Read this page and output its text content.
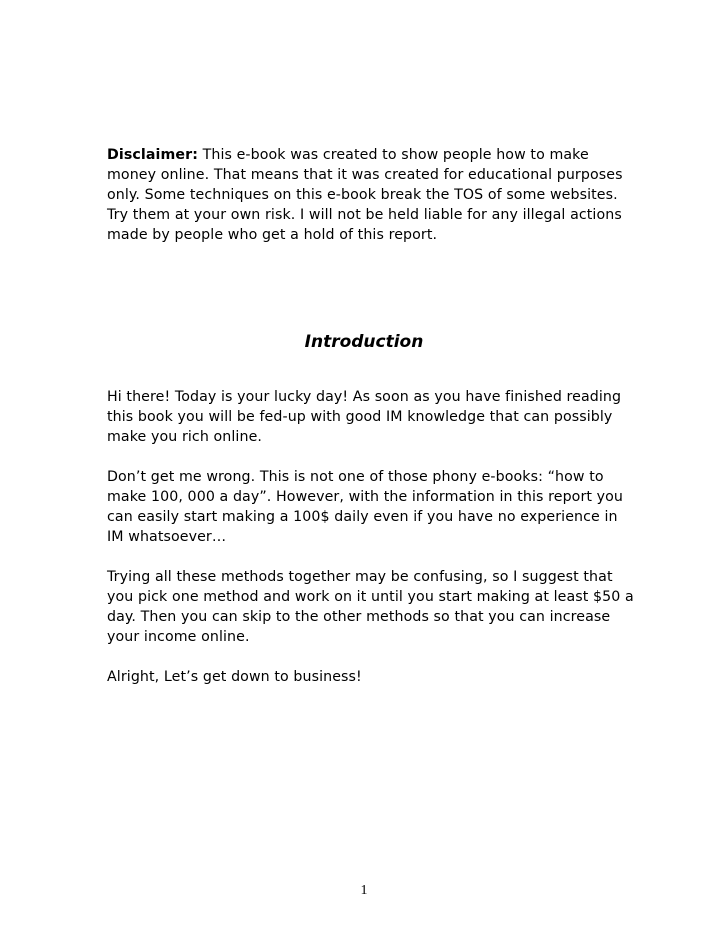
Disclaimer: This e-book was created to show people how to make money online. That means that it was created for educational purposes only. Some techniques on this e-book break the TOS of some websites. Try them at your own risk. I will not be held liable for any illegal actions made by people who get a hold of this report.

Introduction

Hi there! Today is your lucky day! As soon as you have finished reading this book you will be fed-up with good IM knowledge that can possibly make you rich online.

Don’t get me wrong. This is not one of those phony e-books: “how to make 100, 000 a day”. However, with the information in this report you can easily start making a 100$ daily even if you have no experience in IM whatsoever…

Trying all these methods together may be confusing, so I suggest that you pick one method and work on it until you start making at least $50 a day. Then you can skip to the other methods so that you can increase your income online.

Alright, Let’s get down to business!

1
